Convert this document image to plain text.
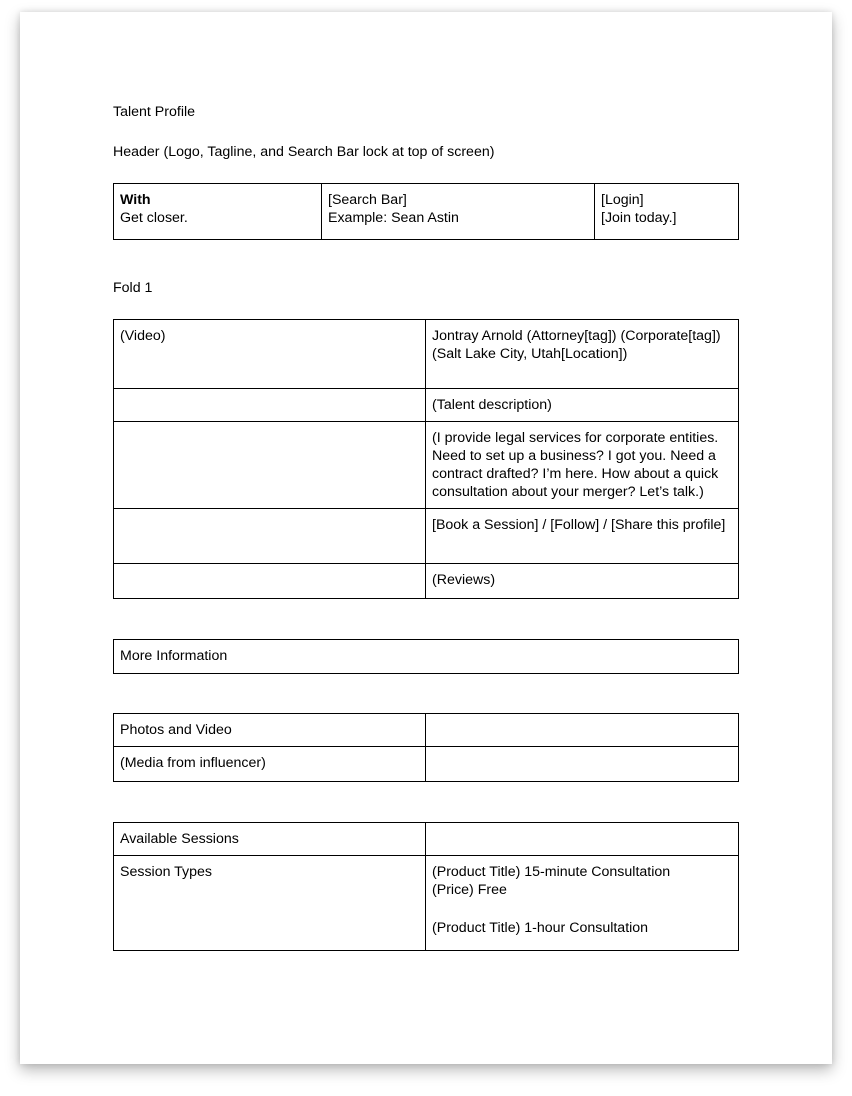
Talent Profile
Header (Logo, Tagline, and Search Bar lock at top of screen)
With
Get closer.

[Search Bar]
Example: Sean Astin

[Login]
[Join today.]
Fold 1
(Video)	Jontray Arnold (Attorney[tag]) (Corporate[tag]) (Salt Lake City, Utah[Location])
	(Talent description)
	(I provide legal services for corporate entities. Need to set up a business? I got you. Need a contract drafted? I’m here. How about a quick consultation about your merger? Let’s talk.)
	[Book a Session] / [Follow] / [Share this profile]
	(Reviews)
More Information
Photos and Video	
(Media from influencer)	
Available Sessions	
Session Types	(Product Title) 15-minute Consultation
(Price) Free
(Product Title) 1-hour Consultation
